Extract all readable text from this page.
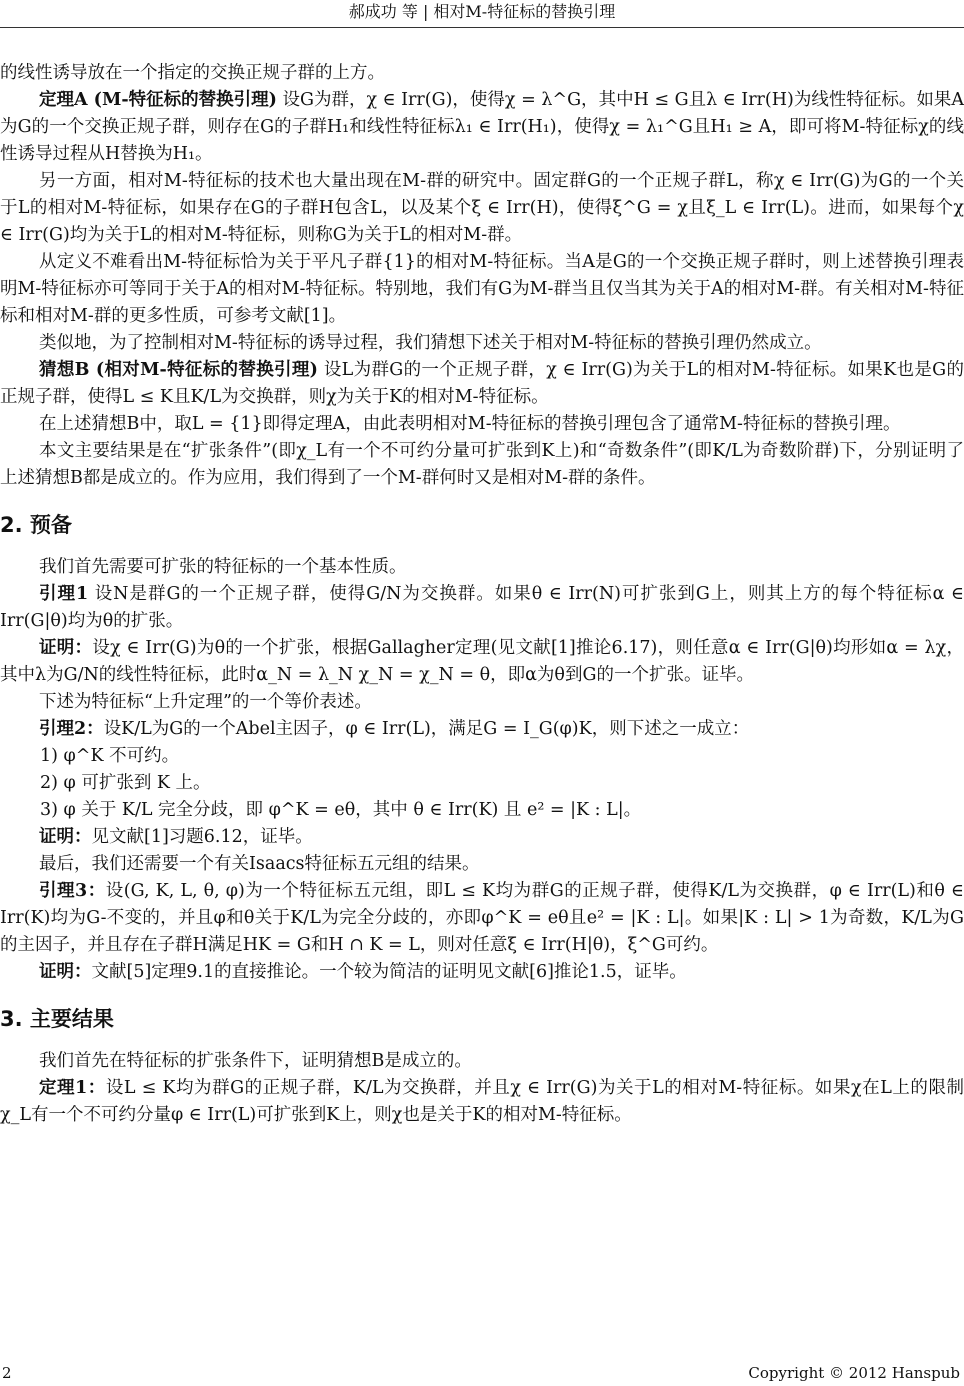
郝成功 等 | 相对M-特征标的替换引理

的线性诱导放在一个指定的交换正规子群的上方。

定理A (M-特征标的替换引理) 设G为群，χ ∈ Irr(G)，使得χ = λ^G，其中H ≤ G且λ ∈ Irr(H)为线性特征标。如果A为G的一个交换正规子群，则存在G的子群H₁和线性特征标λ₁ ∈ Irr(H₁)，使得χ = λ₁^G且H₁ ≥ A，即可将M-特征标χ的线性诱导过程从H替换为H₁。

另一方面，相对M-特征标的技术也大量出现在M-群的研究中。固定群G的一个正规子群L，称χ ∈ Irr(G)为G的一个关于L的相对M-特征标，如果存在G的子群H包含L，以及某个ξ ∈ Irr(H)，使得ξ^G = χ且ξ_L ∈ Irr(L)。进而，如果每个χ ∈ Irr(G)均为关于L的相对M-特征标，则称G为关于L的相对M-群。

从定义不难看出M-特征标恰为关于平凡子群{1}的相对M-特征标。当A是G的一个交换正规子群时，则上述替换引理表明M-特征标亦可等同于关于A的相对M-特征标。特别地，我们有G为M-群当且仅当其为关于A的相对M-群。有关相对M-特征标和相对M-群的更多性质，可参考文献[1]。

类似地，为了控制相对M-特征标的诱导过程，我们猜想下述关于相对M-特征标的替换引理仍然成立。

猜想B (相对M-特征标的替换引理) 设L为群G的一个正规子群，χ ∈ Irr(G)为关于L的相对M-特征标。如果K也是G的正规子群，使得L ≤ K且K/L为交换群，则χ为关于K的相对M-特征标。

在上述猜想B中，取L = {1}即得定理A，由此表明相对M-特征标的替换引理包含了通常M-特征标的替换引理。

本文主要结果是在“扩张条件”(即χ_L有一个不可约分量可扩张到K上)和“奇数条件”(即K/L为奇数阶群)下，分别证明了上述猜想B都是成立的。作为应用，我们得到了一个M-群何时又是相对M-群的条件。

2. 预备

我们首先需要可扩张的特征标的一个基本性质。

引理1 设N是群G的一个正规子群，使得G/N为交换群。如果θ ∈ Irr(N)可扩张到G上，则其上方的每个特征标α ∈ Irr(G|θ)均为θ的扩张。

证明：设χ ∈ Irr(G)为θ的一个扩张，根据Gallagher定理(见文献[1]推论6.17)，则任意α ∈ Irr(G|θ)均形如α = λχ，其中λ为G/N的线性特征标，此时α_N = λ_N χ_N = χ_N = θ，即α为θ到G的一个扩张。证毕。

下述为特征标“上升定理”的一个等价表述。

引理2：设K/L为G的一个Abel主因子，φ ∈ Irr(L)，满足G = I_G(φ)K，则下述之一成立：

1) φ^K 不可约。

2) φ 可扩张到 K 上。

3) φ 关于 K/L 完全分歧，即 φ^K = eθ，其中 θ ∈ Irr(K) 且 e² = |K : L|。

证明：见文献[1]习题6.12，证毕。

最后，我们还需要一个有关Isaacs特征标五元组的结果。

引理3：设(G, K, L, θ, φ)为一个特征标五元组，即L ≤ K均为群G的正规子群，使得K/L为交换群，φ ∈ Irr(L)和θ ∈ Irr(K)均为G-不变的，并且φ和θ关于K/L为完全分歧的，亦即φ^K = eθ且e² = |K : L|。如果|K : L| > 1为奇数，K/L为G的主因子，并且存在子群H满足HK = G和H ∩ K = L，则对任意ξ ∈ Irr(H|θ)，ξ^G可约。

证明：文献[5]定理9.1的直接推论。一个较为简洁的证明见文献[6]推论1.5，证毕。

3. 主要结果

我们首先在特征标的扩张条件下，证明猜想B是成立的。

定理1：设L ≤ K均为群G的正规子群，K/L为交换群，并且χ ∈ Irr(G)为关于L的相对M-特征标。如果χ在L上的限制χ_L有一个不可约分量φ ∈ Irr(L)可扩张到K上，则χ也是关于K的相对M-特征标。

2	Copyright © 2012 Hanspub
